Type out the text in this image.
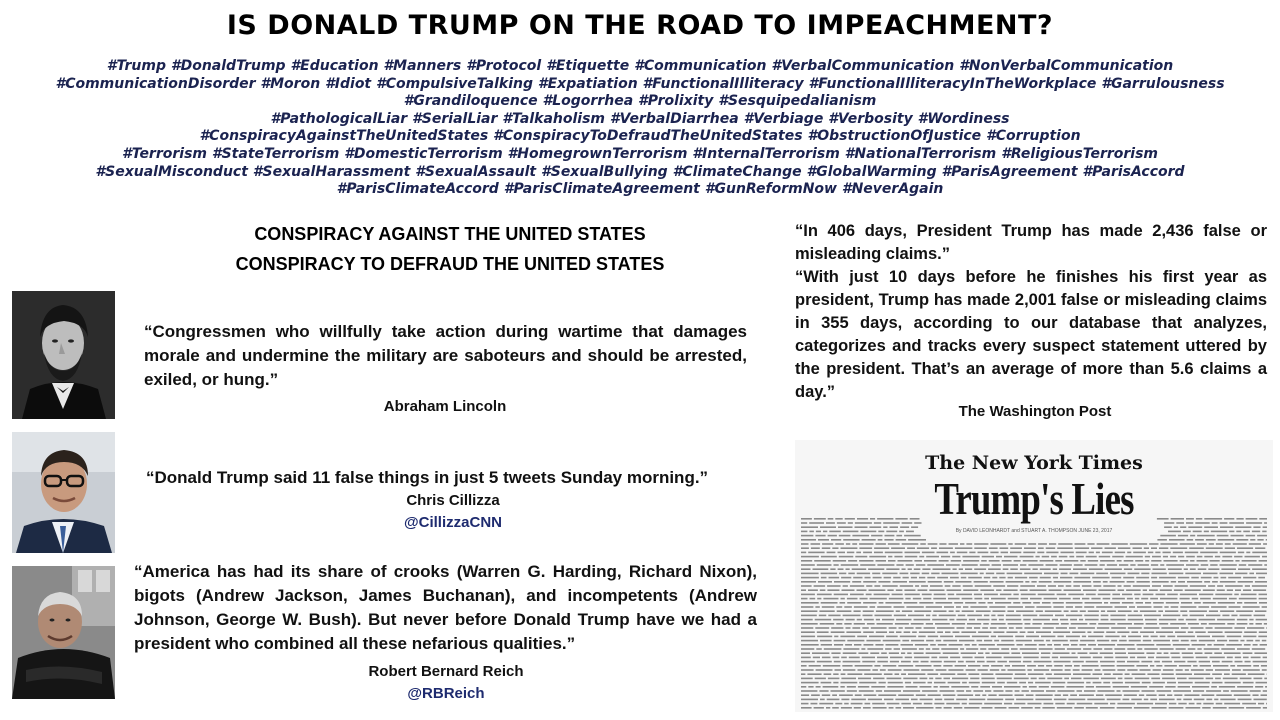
IS DONALD TRUMP ON THE ROAD TO IMPEACHMENT?
#Trump #DonaldTrump #Education #Manners #Protocol #Etiquette #Communication #VerbalCommunication #NonVerbalCommunication
#CommunicationDisorder #Moron #Idiot #CompulsiveTalking #Expatiation #FunctionalIlliteracy #FunctionalIlliteracyInTheWorkplace #Garrulousness
#Grandiloquence #Logorrhea #Prolixity #Sesquipedalianism
#PathologicalLiar #SerialLiar #Talkaholism #VerbalDiarrhea #Verbiage #Verbosity #Wordiness
#ConspiracyAgainstTheUnitedStates #ConspiracyToDefraudTheUnitedStates #ObstructionOfJustice #Corruption
#Terrorism #StateTerrorism #DomesticTerrorism #HomegrownTerrorism #InternalTerrorism #NationalTerrorism #ReligiousTerrorism
#SexualMisconduct #SexualHarassment #SexualAssault #SexualBullying #ClimateChange #GlobalWarming #ParisAgreement #ParisAccord
#ParisClimateAccord #ParisClimateAgreement #GunReformNow #NeverAgain
CONSPIRACY AGAINST THE UNITED STATES
CONSPIRACY TO DEFRAUD THE UNITED STATES
“Congressmen who willfully take action during wartime that damages morale and undermine the military are saboteurs and should be arrested, exiled, or hung.”
Abraham Lincoln
“Donald Trump said 11 false things in just 5 tweets Sunday morning.”
Chris Cillizza
@CillizzaCNN
“America has had its share of crooks (Warren G. Harding, Richard Nixon), bigots (Andrew Jackson, James Buchanan), and incompetents (Andrew Johnson, George W. Bush). But never before Donald Trump have we had a president who combined all these nefarious qualities.”
Robert Bernard Reich
@RBReich

“In 406 days, President Trump has made 2,436 false or misleading claims.”

“With just 10 days before he finishes his first year as president, Trump has made 2,001 false or misleading claims in 355 days, according to our database that analyzes, categorizes and tracks every suspect statement uttered by the president. That’s an average of more than 5.6 claims a day.”

The Washington Post
The New York Times
Trump's Lies
By DAVID LEONHARDT and STUART A. THOMPSON JUNE 23, 2017
